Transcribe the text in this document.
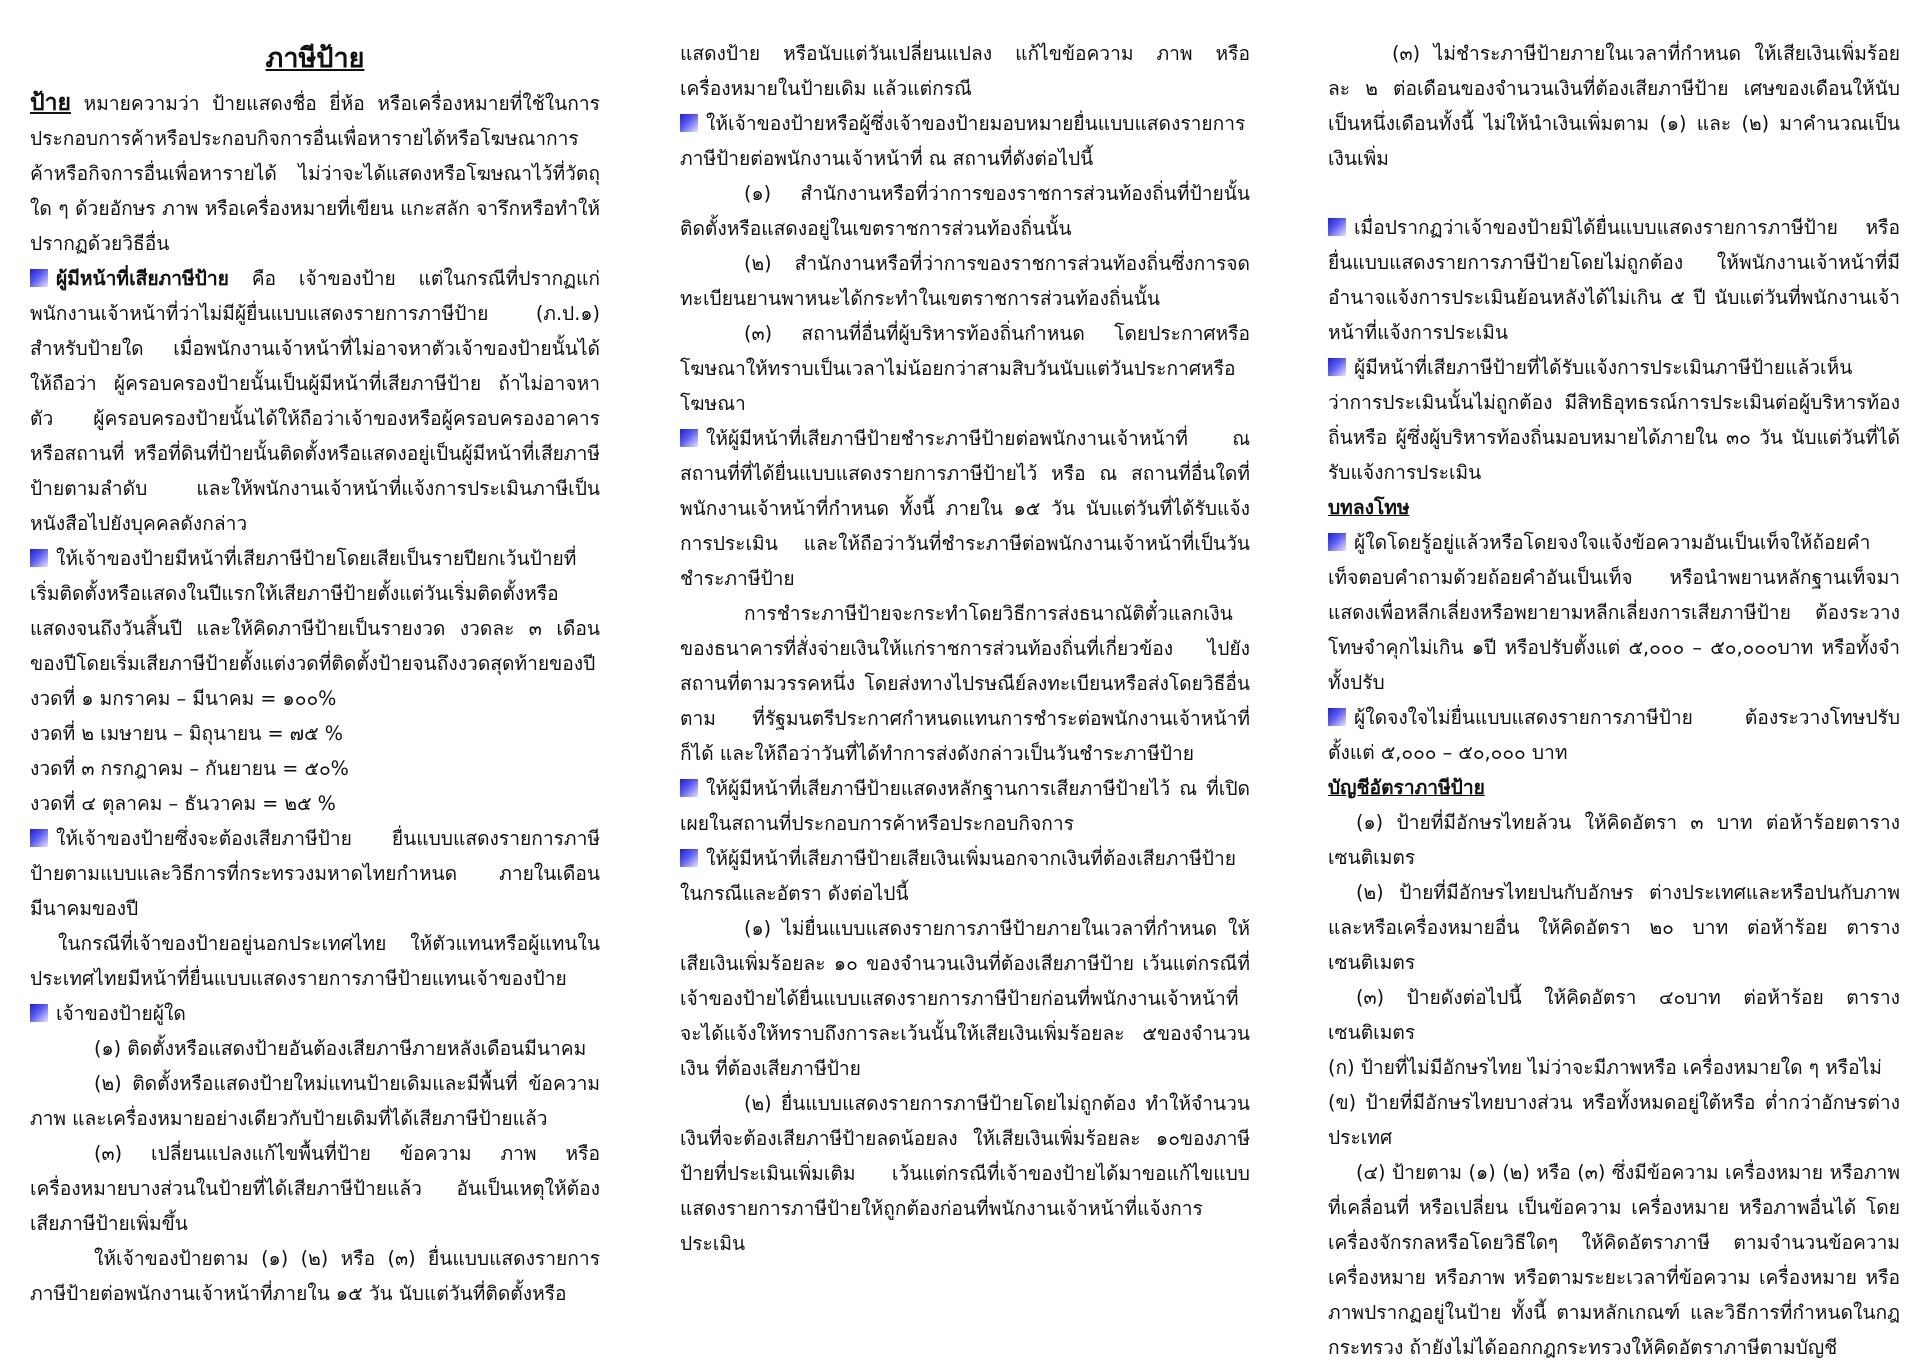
ภาษีป้าย

ป้าย หมายความว่า ป้ายแสดงชื่อ ยี่ห้อ หรือเครื่องหมายที่ใช้ในการประกอบการค้าหรือประกอบกิจการอื่นเพื่อหารายได้หรือโฆษณาการค้าหรือกิจการอื่นเพื่อหารายได้ ไม่ว่าจะได้แสดงหรือโฆษณาไว้ที่วัตถุใด ๆ ด้วยอักษร ภาพ หรือเครื่องหมายที่เขียน แกะสลัก จารึกหรือทำให้ปรากฏด้วยวิธีอื่น

ผู้มีหน้าที่เสียภาษีป้าย คือ เจ้าของป้าย แต่ในกรณีที่ปรากฏแก่พนักงานเจ้าหน้าที่ว่าไม่มีผู้ยื่นแบบแสดงรายการภาษีป้าย (ภ.ป.๑) สำหรับป้ายใด เมื่อพนักงานเจ้าหน้าที่ไม่อาจหาตัวเจ้าของป้ายนั้นได้ ให้ถือว่า ผู้ครอบครองป้ายนั้นเป็นผู้มีหน้าที่เสียภาษีป้าย ถ้าไม่อาจหาตัว ผู้ครอบครองป้ายนั้นได้ให้ถือว่าเจ้าของหรือผู้ครอบครองอาคาร หรือสถานที่ หรือที่ดินที่ป้ายนั้นติดตั้งหรือแสดงอยู่เป็นผู้มีหน้าที่เสียภาษีป้ายตามลำดับ และให้พนักงานเจ้าหน้าที่แจ้งการประเมินภาษีเป็นหนังสือไปยังบุคคลดังกล่าว

ให้เจ้าของป้ายมีหน้าที่เสียภาษีป้ายโดยเสียเป็นรายปียกเว้นป้ายที่เริ่มติดตั้งหรือแสดงในปีแรกให้เสียภาษีป้ายตั้งแต่วันเริ่มติดตั้งหรือแสดงจนถึงวันสิ้นปี และให้คิดภาษีป้ายเป็นรายงวด งวดละ ๓ เดือนของปีโดยเริ่มเสียภาษีป้ายตั้งแต่งวดที่ติดตั้งป้ายจนถึงงวดสุดท้ายของปี

งวดที่ ๑ มกราคม – มีนาคม = ๑๐๐%

งวดที่ ๒ เมษายน – มิถุนายน = ๗๕ %

งวดที่ ๓ กรกฎาคม – กันยายน = ๕๐%

งวดที่ ๔ ตุลาคม – ธันวาคม = ๒๕ %

ให้เจ้าของป้ายซึ่งจะต้องเสียภาษีป้าย ยื่นแบบแสดงรายการภาษีป้ายตามแบบและวิธีการที่กระทรวงมหาดไทยกำหนด ภายในเดือนมีนาคมของปี

ในกรณีที่เจ้าของป้ายอยู่นอกประเทศไทย ให้ตัวแทนหรือผู้แทนในประเทศไทยมีหน้าที่ยื่นแบบแสดงรายการภาษีป้ายแทนเจ้าของป้าย

เจ้าของป้ายผู้ใด

(๑) ติดตั้งหรือแสดงป้ายอันต้องเสียภาษีภายหลังเดือนมีนาคม

(๒) ติดตั้งหรือแสดงป้ายใหม่แทนป้ายเดิมและมีพื้นที่ ข้อความ ภาพ และเครื่องหมายอย่างเดียวกับป้ายเดิมที่ได้เสียภาษีป้ายแล้ว

(๓) เปลี่ยนแปลงแก้ไขพื้นที่ป้าย ข้อความ ภาพ หรือเครื่องหมายบางส่วนในป้ายที่ได้เสียภาษีป้ายแล้ว อันเป็นเหตุให้ต้องเสียภาษีป้ายเพิ่มขึ้น

ให้เจ้าของป้ายตาม (๑) (๒) หรือ (๓) ยื่นแบบแสดงรายการภาษีป้ายต่อพนักงานเจ้าหน้าที่ภายใน ๑๕ วัน นับแต่วันที่ติดตั้งหรือ

แสดงป้าย หรือนับแต่วันเปลี่ยนแปลง แก้ไขข้อความ ภาพ หรือเครื่องหมายในป้ายเดิม แล้วแต่กรณี

ให้เจ้าของป้ายหรือผู้ซึ่งเจ้าของป้ายมอบหมายยื่นแบบแสดงรายการภาษีป้ายต่อพนักงานเจ้าหน้าที่ ณ สถานที่ดังต่อไปนี้

(๑) สำนักงานหรือที่ว่าการของราชการส่วนท้องถิ่นที่ป้ายนั้นติดตั้งหรือแสดงอยู่ในเขตราชการส่วนท้องถิ่นนั้น

(๒) สำนักงานหรือที่ว่าการของราชการส่วนท้องถิ่นซึ่งการจดทะเบียนยานพาหนะได้กระทำในเขตราชการส่วนท้องถิ่นนั้น

(๓) สถานที่อื่นที่ผู้บริหารท้องถิ่นกำหนด โดยประกาศหรือโฆษณาให้ทราบเป็นเวลาไม่น้อยกว่าสามสิบวันนับแต่วันประกาศหรือโฆษณา

ให้ผู้มีหน้าที่เสียภาษีป้ายชำระภาษีป้ายต่อพนักงานเจ้าหน้าที่ ณ สถานที่ที่ได้ยื่นแบบแสดงรายการภาษีป้ายไว้ หรือ ณ สถานที่อื่นใดที่พนักงานเจ้าหน้าที่กำหนด ทั้งนี้ ภายใน ๑๕ วัน นับแต่วันที่ได้รับแจ้งการประเมิน และให้ถือว่าวันที่ชำระภาษีต่อพนักงานเจ้าหน้าที่เป็นวันชำระภาษีป้าย

การชำระภาษีป้ายจะกระทำโดยวิธีการส่งธนาณัติตั๋วแลกเงินของธนาคารที่สั่งจ่ายเงินให้แก่ราชการส่วนท้องถิ่นที่เกี่ยวข้อง ไปยังสถานที่ตามวรรคหนึ่ง โดยส่งทางไปรษณีย์ลงทะเบียนหรือส่งโดยวิธีอื่นตาม ที่รัฐมนตรีประกาศกำหนดแทนการชำระต่อพนักงานเจ้าหน้าที่ก็ได้ และให้ถือว่าวันที่ได้ทำการส่งดังกล่าวเป็นวันชำระภาษีป้าย

ให้ผู้มีหน้าที่เสียภาษีป้ายแสดงหลักฐานการเสียภาษีป้ายไว้ ณ ที่เปิดเผยในสถานที่ประกอบการค้าหรือประกอบกิจการ

ให้ผู้มีหน้าที่เสียภาษีป้ายเสียเงินเพิ่มนอกจากเงินที่ต้องเสียภาษีป้ายในกรณีและอัตรา ดังต่อไปนี้

(๑) ไม่ยื่นแบบแสดงรายการภาษีป้ายภายในเวลาที่กำหนด ให้เสียเงินเพิ่มร้อยละ ๑๐ ของจำนวนเงินที่ต้องเสียภาษีป้าย เว้นแต่กรณีที่เจ้าของป้ายได้ยื่นแบบแสดงรายการภาษีป้ายก่อนที่พนักงานเจ้าหน้าที่จะได้แจ้งให้ทราบถึงการละเว้นนั้นให้เสียเงินเพิ่มร้อยละ ๕ของจำนวนเงิน ที่ต้องเสียภาษีป้าย

(๒) ยื่นแบบแสดงรายการภาษีป้ายโดยไม่ถูกต้อง ทำให้จำนวนเงินที่จะต้องเสียภาษีป้ายลดน้อยลง ให้เสียเงินเพิ่มร้อยละ ๑๐ของภาษีป้ายที่ประเมินเพิ่มเติม เว้นแต่กรณีที่เจ้าของป้ายได้มาขอแก้ไขแบบแสดงรายการภาษีป้ายให้ถูกต้องก่อนที่พนักงานเจ้าหน้าที่แจ้งการประเมิน

(๓) ไม่ชำระภาษีป้ายภายในเวลาที่กำหนด ให้เสียเงินเพิ่มร้อยละ ๒ ต่อเดือนของจำนวนเงินที่ต้องเสียภาษีป้าย เศษของเดือนให้นับเป็นหนึ่งเดือนทั้งนี้ ไม่ให้นำเงินเพิ่มตาม (๑) และ (๒) มาคำนวณเป็นเงินเพิ่ม

เมื่อปรากฏว่าเจ้าของป้ายมิได้ยื่นแบบแสดงรายการภาษีป้าย หรือยื่นแบบแสดงรายการภาษีป้ายโดยไม่ถูกต้อง ให้พนักงานเจ้าหน้าที่มีอำนาจแจ้งการประเมินย้อนหลังได้ไม่เกิน ๕ ปี นับแต่วันที่พนักงานเจ้าหน้าที่แจ้งการประเมิน

ผู้มีหน้าที่เสียภาษีป้ายที่ได้รับแจ้งการประเมินภาษีป้ายแล้วเห็นว่าการประเมินนั้นไม่ถูกต้อง มีสิทธิอุทธรณ์การประเมินต่อผู้บริหารท้องถิ่นหรือ ผู้ซึ่งผู้บริหารท้องถิ่นมอบหมายได้ภายใน ๓๐ วัน นับแต่วันที่ได้รับแจ้งการประเมิน

บทลงโทษ

ผู้ใดโดยรู้อยู่แล้วหรือโดยจงใจแจ้งข้อความอันเป็นเท็จให้ถ้อยคำเท็จตอบคำถามด้วยถ้อยคำอันเป็นเท็จ หรือนำพยานหลักฐานเท็จมาแสดงเพื่อหลีกเลี่ยงหรือพยายามหลีกเลี่ยงการเสียภาษีป้าย ต้องระวางโทษจำคุกไม่เกิน ๑ปี หรือปรับตั้งแต่ ๕,๐๐๐ – ๕๐,๐๐๐บาท หรือทั้งจำทั้งปรับ

ผู้ใดจงใจไม่ยื่นแบบแสดงรายการภาษีป้าย ต้องระวางโทษปรับตั้งแต่ ๕,๐๐๐ – ๕๐,๐๐๐ บาท

บัญชีอัตราภาษีป้าย

(๑) ป้ายที่มีอักษรไทยล้วน ให้คิดอัตรา ๓ บาท ต่อห้าร้อยตารางเซนติเมตร

(๒) ป้ายที่มีอักษรไทยปนกับอักษร ต่างประเทศและหรือปนกับภาพและหรือเครื่องหมายอื่น ให้คิดอัตรา ๒๐ บาท ต่อห้าร้อย ตารางเซนติเมตร

(๓) ป้ายดังต่อไปนี้ ให้คิดอัตรา ๔๐บาท ต่อห้าร้อย ตารางเซนติเมตร

(ก) ป้ายที่ไม่มีอักษรไทย ไม่ว่าจะมีภาพหรือ เครื่องหมายใด ๆ หรือไม่

(ข) ป้ายที่มีอักษรไทยบางส่วน หรือทั้งหมดอยู่ใต้หรือ ต่ำกว่าอักษรต่างประเทศ

(๔) ป้ายตาม (๑) (๒) หรือ (๓) ซึ่งมีข้อความ เครื่องหมาย หรือภาพที่เคลื่อนที่ หรือเปลี่ยน เป็นข้อความ เครื่องหมาย หรือภาพอื่นได้ โดยเครื่องจักรกลหรือโดยวิธีใดๆ ให้คิดอัตราภาษี ตามจำนวนข้อความ เครื่องหมาย หรือภาพ หรือตามระยะเวลาที่ข้อความ เครื่องหมาย หรือภาพปรากฏอยู่ในป้าย ทั้งนี้ ตามหลักเกณฑ์ และวิธีการที่กำหนดในกฎกระทรวง ถ้ายังไม่ได้ออกกฎกระทรวงให้คิดอัตราภาษีตามบัญชี
